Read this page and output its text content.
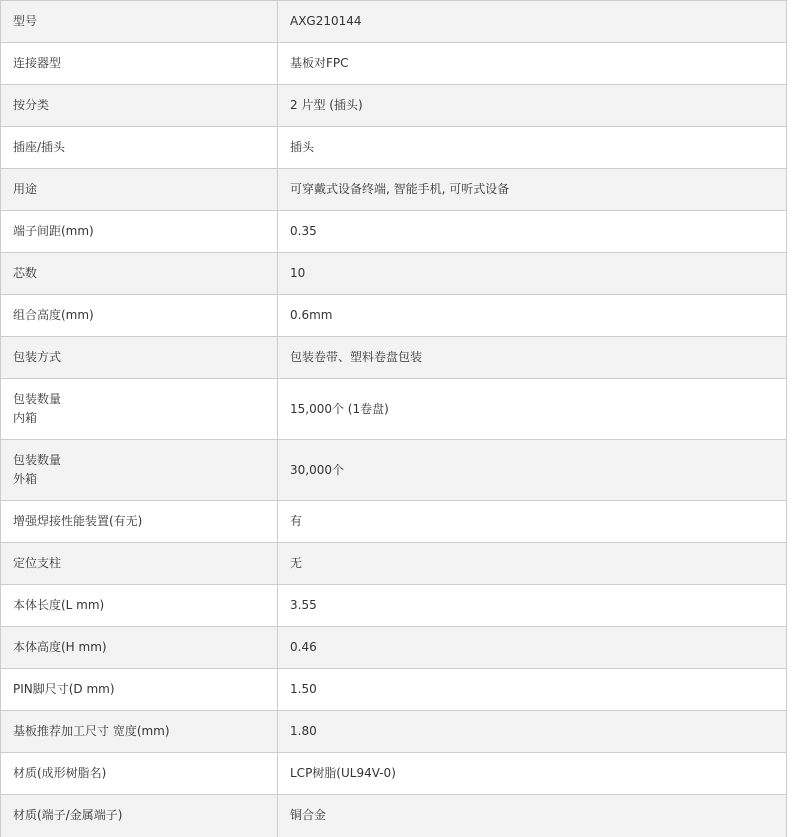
型号	AXG210144
连接器型	基板对FPC
按分类	2 片型 (插头)
插座/插头	插头
用途	可穿戴式设备终端, 智能手机, 可听式设备
端子间距(mm)	0.35
芯数	10
组合高度(mm)	0.6mm
包装方式	包装卷带、塑料卷盘包装

包装数量
内箱	15,000个 (1卷盘)

包装数量
外箱	30,000个
增强焊接性能装置(有无)	有
定位支柱	无
本体长度(L mm)	3.55
本体高度(H mm)	0.46
PIN脚尺寸(D mm)	1.50
基板推荐加工尺寸 宽度(mm)	1.80
材质(成形树脂名)	LCP树脂(UL94V-0)
材质(端子/金属端子)	铜合金
